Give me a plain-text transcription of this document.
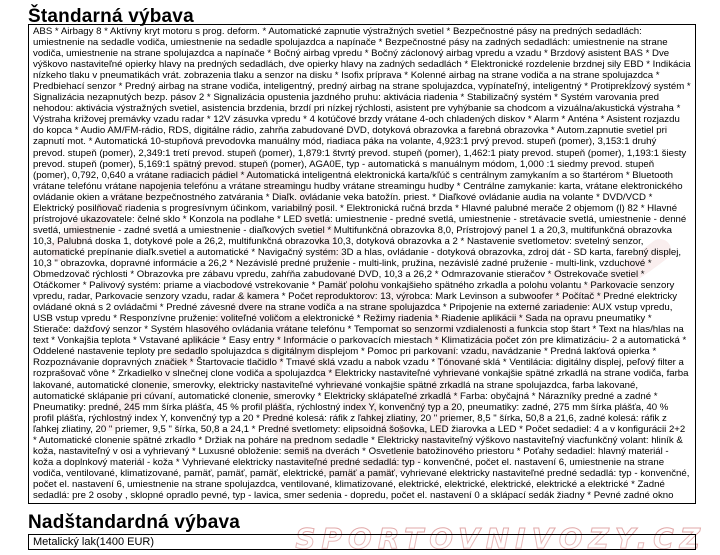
Štandarná výbava

ABS * Airbagy 8 * Aktívny kryt motoru s prog. deform. * Automatické zapnutie výstražných svetiel * Bezpečnostné pásy na predných sedadlách: umiestnenie na sedadle vodiča, umiestnenie na sedadle spolujazdca a napínače * Bezpečnostné pásy na zadných sedadlách: umiestnenie na strane vodiča, umiestnenie na strane spolujazdca a napínače * Bočný airbag vpredu * Bočný záclonový airbag vpredu a vzadu * Brzdový asistent BAS * Dve výškovo nastaviteľné opierky hlavy na predných sedadlách, dve opierky hlavy na zadných sedadlách * Elektronické rozdelenie brzdnej sily EBD * Indikácia nízkeho tlaku v pneumatikách vrát. zobrazenia tlaku a senzor na disku * Isofix prípravа * Kolenné airbag na strane vodiča a na strane spolujazdca * Predbiehací senzor * Predný airbag na strane vodiča, inteligentný, predný airbag na strane spolujazdca, vypínateľný, inteligentný * Protiprekĺzový systém * Signalizácia nezapnutých bezp. pásov 2 * Signalizácia opustenia jazdného pruhu: aktivácia riadenia * Stabilizačný systém * Systém varovania pred nehodou: aktivácia výstražných svetiel, asistencia brzdenia, brzdí pri nízkej rýchlosti, asistent pre vyhýbanie sa chodcom a vizuálna/akustická výstraha * Výstraha križovej premávky vzadu radar * 12V zásuvka vpredu * 4 kotúčové brzdy vrátane 4-och chladených diskov * Alarm * Anténa * Asistent rozjazdu do kopca * Audio AM/FM-rádio, RDS, digitálne rádio, zahrňa zabudované DVD, dotyková obrazovka a farebná obrazovka * Autom.zapnutie svetiel pri zapnutí mot. * Automatická 10-stupňová prevodovka manuálny mód, riadiaca páka na volante, 4,923:1 prvý prevod. stupeň (pomer), 3,153:1 druhý prevod. stupeň (pomer), 2,349:1 tretí prevod. stupeň (pomer), 1,879:1 štvrtý prevod. stupeň (pomer), 1,462:1 piaty prevod. stupeň (pomer), 1,193:1 šiesty prevod. stupeň (pomer), 5,169:1 spätný prevod. stupeň (pomer), AGA0E, typ - automatická s manuálnym módom, 1,000 :1 siedmy prevod. stupeň (pomer), 0,792, 0,640 a vrátane radiacich pádiel * Automatická inteligentná elektronická karta/kľúč s centrálnym zamykaním a so štartérom * Bluetooth vrátane telefónu vrátane napojenia telefónu a vrátane streamingu hudby vrátane streamingu hudby * Centrálne zamykanie: karta, vrátane elektronického ovládanie okien a vrátane bezpečnostného zatvárania * Diaľk. ovládanie veka batožín. priest. * Diaľkové ovládanie audia na volante * DVD/VCD * Elektrický posilňovač riadenia s progresívnym účinkom, variabilný posil. * Elektronická ručná brzda * Hlavné palubné merače 2 objemom (l) 82 * Hlavné prístrojové ukazovatele: čelné sklo * Konzola na podlahe * LED svetlá: umiestnenie - predné svetlá, umiestnenie - stretávacie svetlá, umiestnenie - denné svetlá, umiestnenie - zadné svetlá a umiestnenie - diaľkových svetiel * Multifunkčná obrazovka 8,0, Prístrojový panel 1 a 20,3, multifunkčná obrazovka 10,3, Palubná doska 1, dotykové pole a 26,2, multifunkčná obrazovka 10,3, dotyková obrazovka a 2 * Nastavenie svetlometov: svetelný senzor, automatické prepínanie diaľk.svetiel a automatické * Navigačný systém: 3D a hlas, ovládanie - dotyková obrazovka, zdroj dát - SD karta, farebný displej, 10,3 " obrazovka, dopravné informácie a 26,2 * Nezávislé predné pruženie - multi-link, pružina, nezávislé zadné pruženie - multi-link, vzduchové * Obmedzovač rýchlosti * Obrazovka pre zábavu vpredu, zahŕňa zabudované DVD, 10,3 a 26,2 * Odmrazovanie stieračov * Ostrekovače svetiel * Otáčkomer * Palivový systém: priame a viacbodové vstrekovanie * Pamäť polohu vonkajšieho spätného zrkadla a polohu volantu * Parkovacie senzory vpredu, radar, Parkovacie senzory vzadu, radar & kamera * Počet reproduktorov: 13, výrobca: Mark Levinson a subwoofer * Počítač * Predné elektricky ovládané okná s 2 ovládačmi * Predné závesné dvere na strane vodiča a na strane spolujazdca * Pripojenie na externé zariadenie: AUX vstup vpredu, USB vstup vpredu * Responzívne pruženie: voliteľné voličom a elektronické * Režimy riadenia * Riadenie aplikácii * Sada na opravu pneumatiky * Stierače: dažďový senzor * Systém hlasového ovládania vrátane telefónu * Tempomat so senzormi vzdialenosti a funkcia stop štart * Text na hlas/hlas na text * Vonkajšia teplota * Vstavané aplikácie * Easy entry * Informácie o parkovacích miestach * Klimatizácia počet zón pre klimatizáciu- 2 a automatická * Oddelené nastavenie teploty pre sedadlo spolujazdca s digitálnym displejom * Pomoc pri parkovaní: vzadu, navádzanie * Predná lakťová opierka * Rozpoznávanie dopravných značiek * Štartovacie tlačidlo * Tmavé sklá vzadu a nabok vzadu * Tónované sklá * Ventilácia: digitálny displej, peľový filter a rozprašovač vône * Zrkadielko v slnečnej clone vodiča a spolujazdca * Elektricky nastaviteľné vyhrievané vonkajšie spätné zrkadlá na strane vodiča, farba lakované, automatické clonenie, smerovky, elektricky nastaviteľné vyhrievané vonkajšie spätné zrkadlá na strane spolujazdca, farba lakované, automatické sklápanie pri cúvaní, automatické clonenie, smerovky * Elektricky sklápateľné zrkadlá * Farba: obyčajná * Nárazníky predné a zadné * Pneumatiky: predné, 245 mm šírka plášťa, 45 % profil plášťa, rýchlostný index Y, konvenčný typ a 20, pneumatiky: zadné, 275 mm šírka plášťa, 40 % profil plášťa, rýchlostný index Y, konvenčný typ a 20 * Predné kolesá: ráfik z ľahkej zliatiny, 20 " priemer, 8,5 " šírka, 50,8 a 21,6, zadné kolesá: ráfik z ľahkej zliatiny, 20 " priemer, 9,5 " šírka, 50,8 a 24,1 * Predné svetlomety: elipsoidná šošovka, LED žiarovka a LED * Počet sedadiel: 4 a v konfigurácii 2+2 * Automatické clonenie spätné zrkadlo * Držiak na poháre na prednom sedadle * Elektricky nastaviteľný výškovo nastaviteľný viacfunkčný volant: hliník & koža, nastaviteľný v osi a vyhrievaný * Luxusné obloženie: semiš na dverách * Osvetlenie batožinového priestoru * Poťahy sedadiel: hlavný materiál - koža a doplnkový materiál - koža * Vyhrievané elektricky nastaviteľné predné sedadlá: typ - konvenčné, počet el. nastavení 6, umiestnenie na strane vodiča, ventilované, klimatizované, pamäť, pamäť, pamäť, elektrické, pamäť a pamäť, vyhrievané elektricky nastaviteľné predné sedadlá: typ - konvenčné, počet el. nastavení 6, umiestnenie na strane spolujazdca, ventilované, klimatizované, elektrické, elektrické, elektrické, elektrické a elektrické * Zadné sedadlá: pre 2 osoby , sklopné opradlo pevné, typ - lavica, smer sedenia - dopredu, počet el. nastavení 0 a sklápací sedák žiadny * Pevné zadné okno

Nadštandardná výbava

Metalický lak(1400 EUR)	SPORTOVNIVOZY.CZ
